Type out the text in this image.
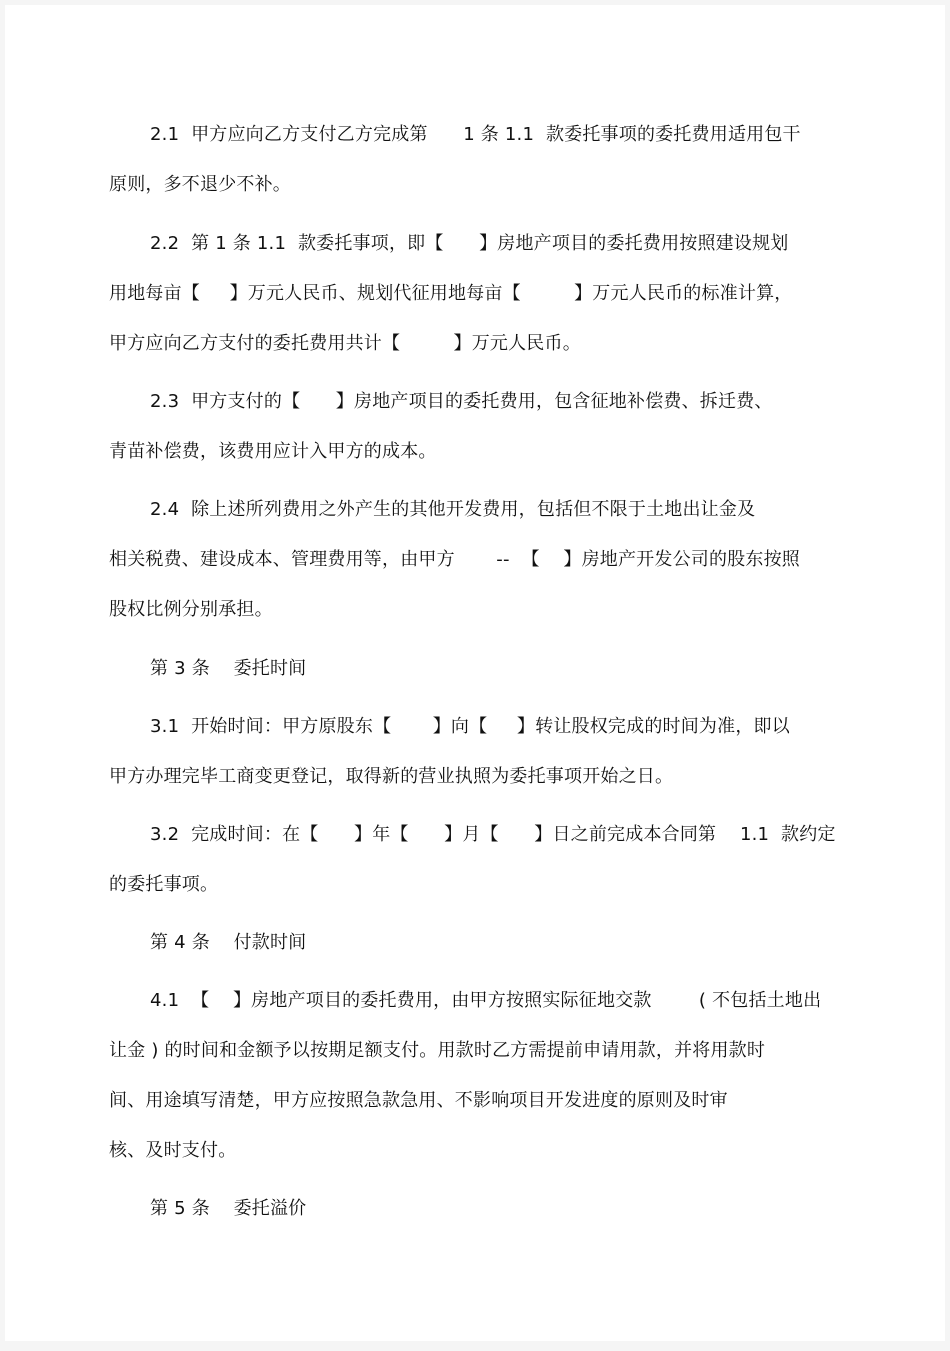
2.1  甲方应向乙方支付乙方完成第      1 条 1.1  款委托事项的委托费用适用包干

原则，多不退少不补。

2.2  第 1 条 1.1  款委托事项，即【      】房地产项目的委托费用按照建设规划

用地每亩【     】万元人民币、规划代征用地每亩【         】万元人民币的标准计算，

甲方应向乙方支付的委托费用共计【         】万元人民币。

2.3  甲方支付的【      】房地产项目的委托费用，包含征地补偿费、拆迁费、

青苗补偿费，该费用应计入甲方的成本。

2.4  除上述所列费用之外产生的其他开发费用，包括但不限于土地出让金及

相关税费、建设成本、管理费用等，由甲方       --  【    】房地产开发公司的股东按照

股权比例分别承担。

第 3 条    委托时间

3.1  开始时间：甲方原股东【       】向【     】转让股权完成的时间为准，即以

甲方办理完毕工商变更登记，取得新的营业执照为委托事项开始之日。

3.2  完成时间：在【      】年【      】月【      】日之前完成本合同第    1.1  款约定

的委托事项。

第 4 条    付款时间

4.1  【    】房地产项目的委托费用，由甲方按照实际征地交款        ( 不包括土地出

让金 ) 的时间和金额予以按期足额支付。用款时乙方需提前申请用款，并将用款时

间、用途填写清楚，甲方应按照急款急用、不影响项目开发进度的原则及时审

核、及时支付。

第 5 条    委托溢价
